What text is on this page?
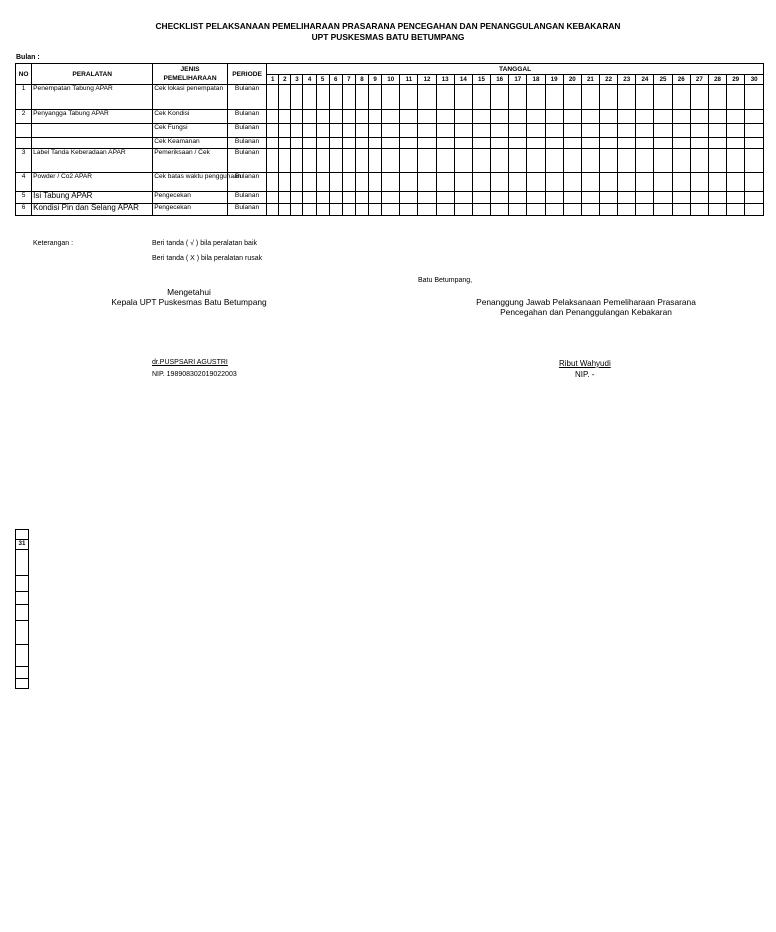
CHECKLIST PELAKSANAAN PEMELIHARAAN PRASARANA PENCEGAHAN DAN PENANGGULANGAN KEBAKARAN
UPT PUSKESMAS BATU BETUMPANG
Bulan :
NO	PERALATAN	JENIS PEMELIHARAAN	PERIODE	TANGGAL																													
				1	2	3	4	5	6	7	8	9	10	11	12	13	14	15	16	17	18	19	20	21	22	23	24	25	26	27	28	29	30
1	Penempatan Tabung APAR	Cek lokasi penempatan	Bulanan																														
2	Penyangga Tabung APAR	Cek Kondisi	Bulanan																														
		Cek Fungsi	Bulanan																														
		Cek Keamanan	Bulanan																														
3	Label Tanda Keberadaan APAR	Pemeriksaan / Cek	Bulanan																														
4	Powder / Co2 APAR	Cek batas waktu penggunaan	Bulanan																														
5	Isi Tabung APAR	Pengecekan	Bulanan																														
6	Kondisi Pin dan Selang APAR	Pengecekan	Bulanan																														
Keterangan :	Beri tanda ( √ ) bila peralatan baik
Beri tanda ( X ) bila peralatan rusak
Batu Betumpang,
Mengetahui
Kepala UPT Puskesmas Batu Betumpang
dr.PUSPSARI AGUSTRI
NIP. 198908302019022003
Penanggung Jawab Pelaksanaan Pemeliharaan Prasarana
Pencegahan dan Penanggulangan Kebakaran
Ribut Wahyudi
NIP. -
31
